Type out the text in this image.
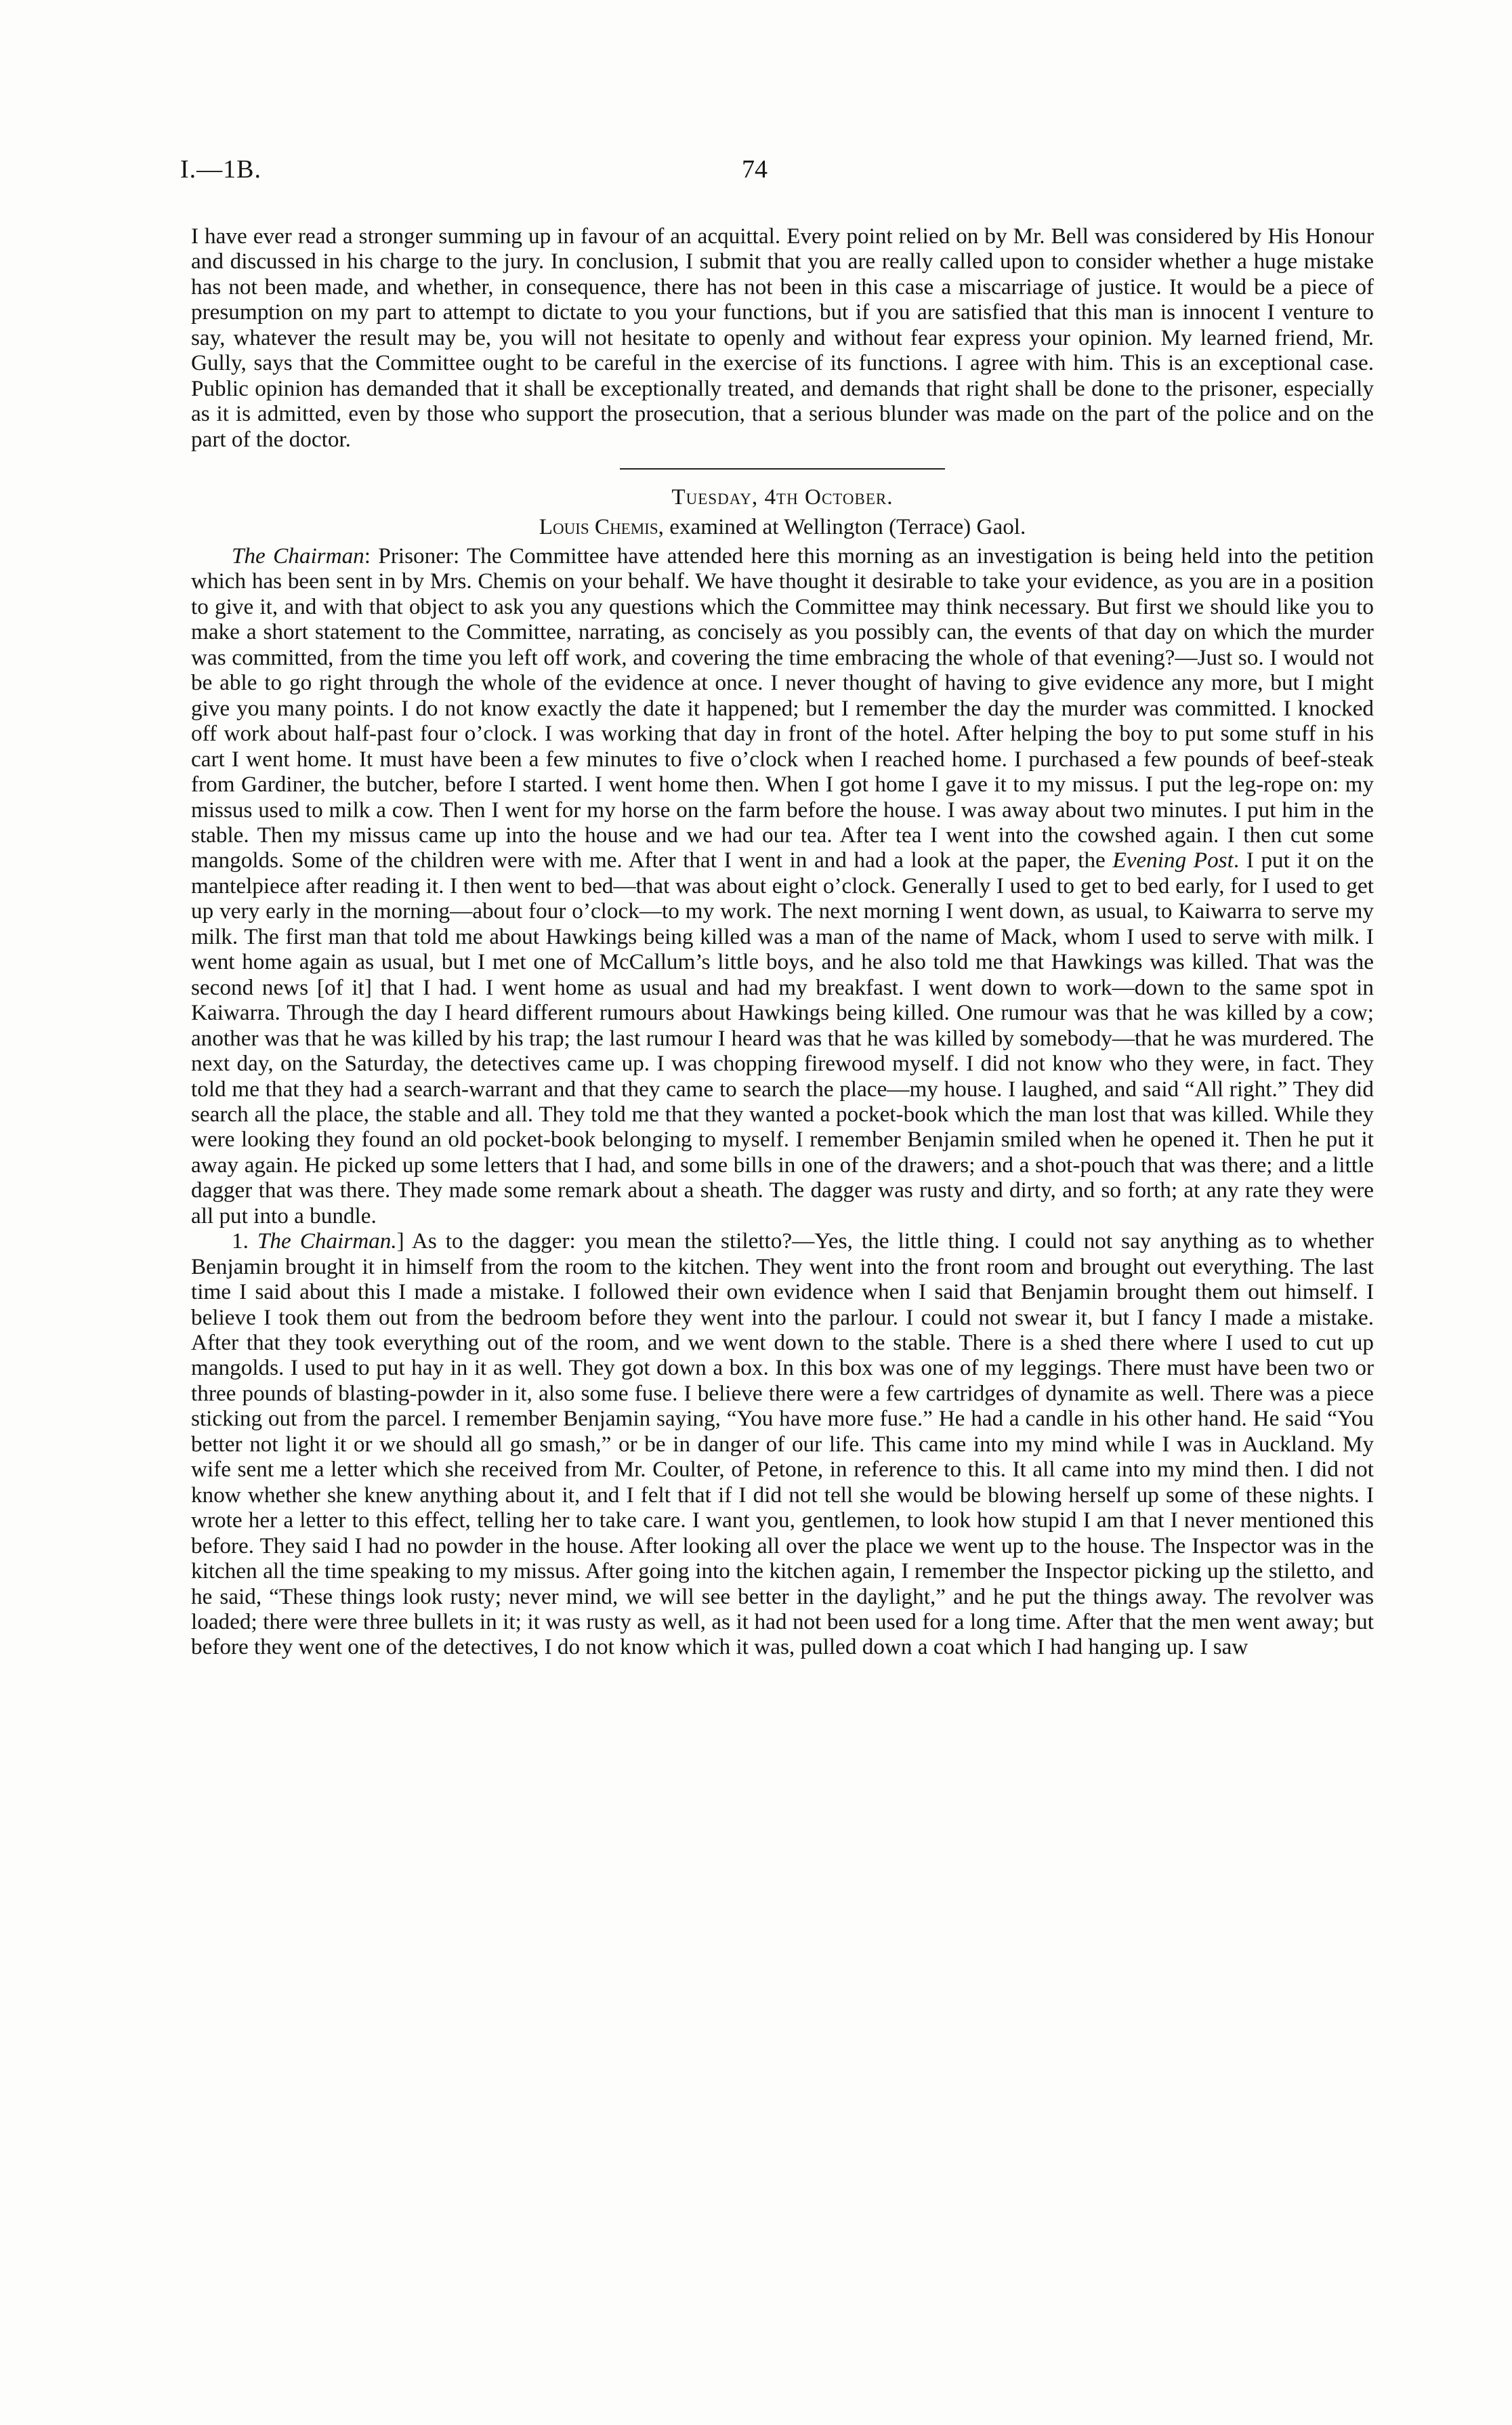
I.—1B.	74

I have ever read a stronger summing up in favour of an acquittal. Every point relied on by Mr. Bell was considered by His Honour and discussed in his charge to the jury. In conclusion, I submit that you are really called upon to consider whether a huge mistake has not been made, and whether, in consequence, there has not been in this case a miscarriage of justice. It would be a piece of presumption on my part to attempt to dictate to you your functions, but if you are satisfied that this man is innocent I venture to say, whatever the result may be, you will not hesitate to openly and without fear express your opinion. My learned friend, Mr. Gully, says that the Committee ought to be careful in the exercise of its functions. I agree with him. This is an exceptional case. Public opinion has demanded that it shall be exceptionally treated, and demands that right shall be done to the prisoner, especially as it is admitted, even by those who support the prosecution, that a serious blunder was made on the part of the police and on the part of the doctor.

Tuesday, 4th October.
Louis Chemis, examined at Wellington (Terrace) Gaol.

The Chairman: Prisoner: The Committee have attended here this morning as an investigation is being held into the petition which has been sent in by Mrs. Chemis on your behalf. We have thought it desirable to take your evidence, as you are in a position to give it, and with that object to ask you any questions which the Committee may think necessary. But first we should like you to make a short statement to the Committee, narrating, as concisely as you possibly can, the events of that day on which the murder was committed, from the time you left off work, and covering the time embracing the whole of that evening?—Just so. I would not be able to go right through the whole of the evidence at once. I never thought of having to give evidence any more, but I might give you many points. I do not know exactly the date it happened; but I remember the day the murder was committed. I knocked off work about half-past four o’clock. I was working that day in front of the hotel. After helping the boy to put some stuff in his cart I went home. It must have been a few minutes to five o’clock when I reached home. I purchased a few pounds of beef-steak from Gardiner, the butcher, before I started. I went home then. When I got home I gave it to my missus. I put the leg-rope on: my missus used to milk a cow. Then I went for my horse on the farm before the house. I was away about two minutes. I put him in the stable. Then my missus came up into the house and we had our tea. After tea I went into the cowshed again. I then cut some mangolds. Some of the children were with me. After that I went in and had a look at the paper, the Evening Post. I put it on the mantelpiece after reading it. I then went to bed—that was about eight o’clock. Generally I used to get to bed early, for I used to get up very early in the morning—about four o’clock—to my work. The next morning I went down, as usual, to Kaiwarra to serve my milk. The first man that told me about Hawkings being killed was a man of the name of Mack, whom I used to serve with milk. I went home again as usual, but I met one of McCallum’s little boys, and he also told me that Hawkings was killed. That was the second news [of it] that I had. I went home as usual and had my breakfast. I went down to work—down to the same spot in Kaiwarra. Through the day I heard different rumours about Hawkings being killed. One rumour was that he was killed by a cow; another was that he was killed by his trap; the last rumour I heard was that he was killed by somebody—that he was murdered. The next day, on the Saturday, the detectives came up. I was chopping firewood myself. I did not know who they were, in fact. They told me that they had a search-warrant and that they came to search the place—my house. I laughed, and said “All right.” They did search all the place, the stable and all. They told me that they wanted a pocket-book which the man lost that was killed. While they were looking they found an old pocket-book belonging to myself. I remember Benjamin smiled when he opened it. Then he put it away again. He picked up some letters that I had, and some bills in one of the drawers; and a shot-pouch that was there; and a little dagger that was there. They made some remark about a sheath. The dagger was rusty and dirty, and so forth; at any rate they were all put into a bundle.

1. The Chairman.] As to the dagger: you mean the stiletto?—Yes, the little thing. I could not say anything as to whether Benjamin brought it in himself from the room to the kitchen. They went into the front room and brought out everything. The last time I said about this I made a mistake. I followed their own evidence when I said that Benjamin brought them out himself. I believe I took them out from the bedroom before they went into the parlour. I could not swear it, but I fancy I made a mistake. After that they took everything out of the room, and we went down to the stable. There is a shed there where I used to cut up mangolds. I used to put hay in it as well. They got down a box. In this box was one of my leggings. There must have been two or three pounds of blasting-powder in it, also some fuse. I believe there were a few cartridges of dynamite as well. There was a piece sticking out from the parcel. I remember Benjamin saying, “You have more fuse.” He had a candle in his other hand. He said “You better not light it or we should all go smash,” or be in danger of our life. This came into my mind while I was in Auckland. My wife sent me a letter which she received from Mr. Coulter, of Petone, in reference to this. It all came into my mind then. I did not know whether she knew anything about it, and I felt that if I did not tell she would be blowing herself up some of these nights. I wrote her a letter to this effect, telling her to take care. I want you, gentlemen, to look how stupid I am that I never mentioned this before. They said I had no powder in the house. After looking all over the place we went up to the house. The Inspector was in the kitchen all the time speaking to my missus. After going into the kitchen again, I remember the Inspector picking up the stiletto, and he said, “These things look rusty; never mind, we will see better in the daylight,” and he put the things away. The revolver was loaded; there were three bullets in it; it was rusty as well, as it had not been used for a long time. After that the men went away; but before they went one of the detectives, I do not know which it was, pulled down a coat which I had hanging up. I saw
